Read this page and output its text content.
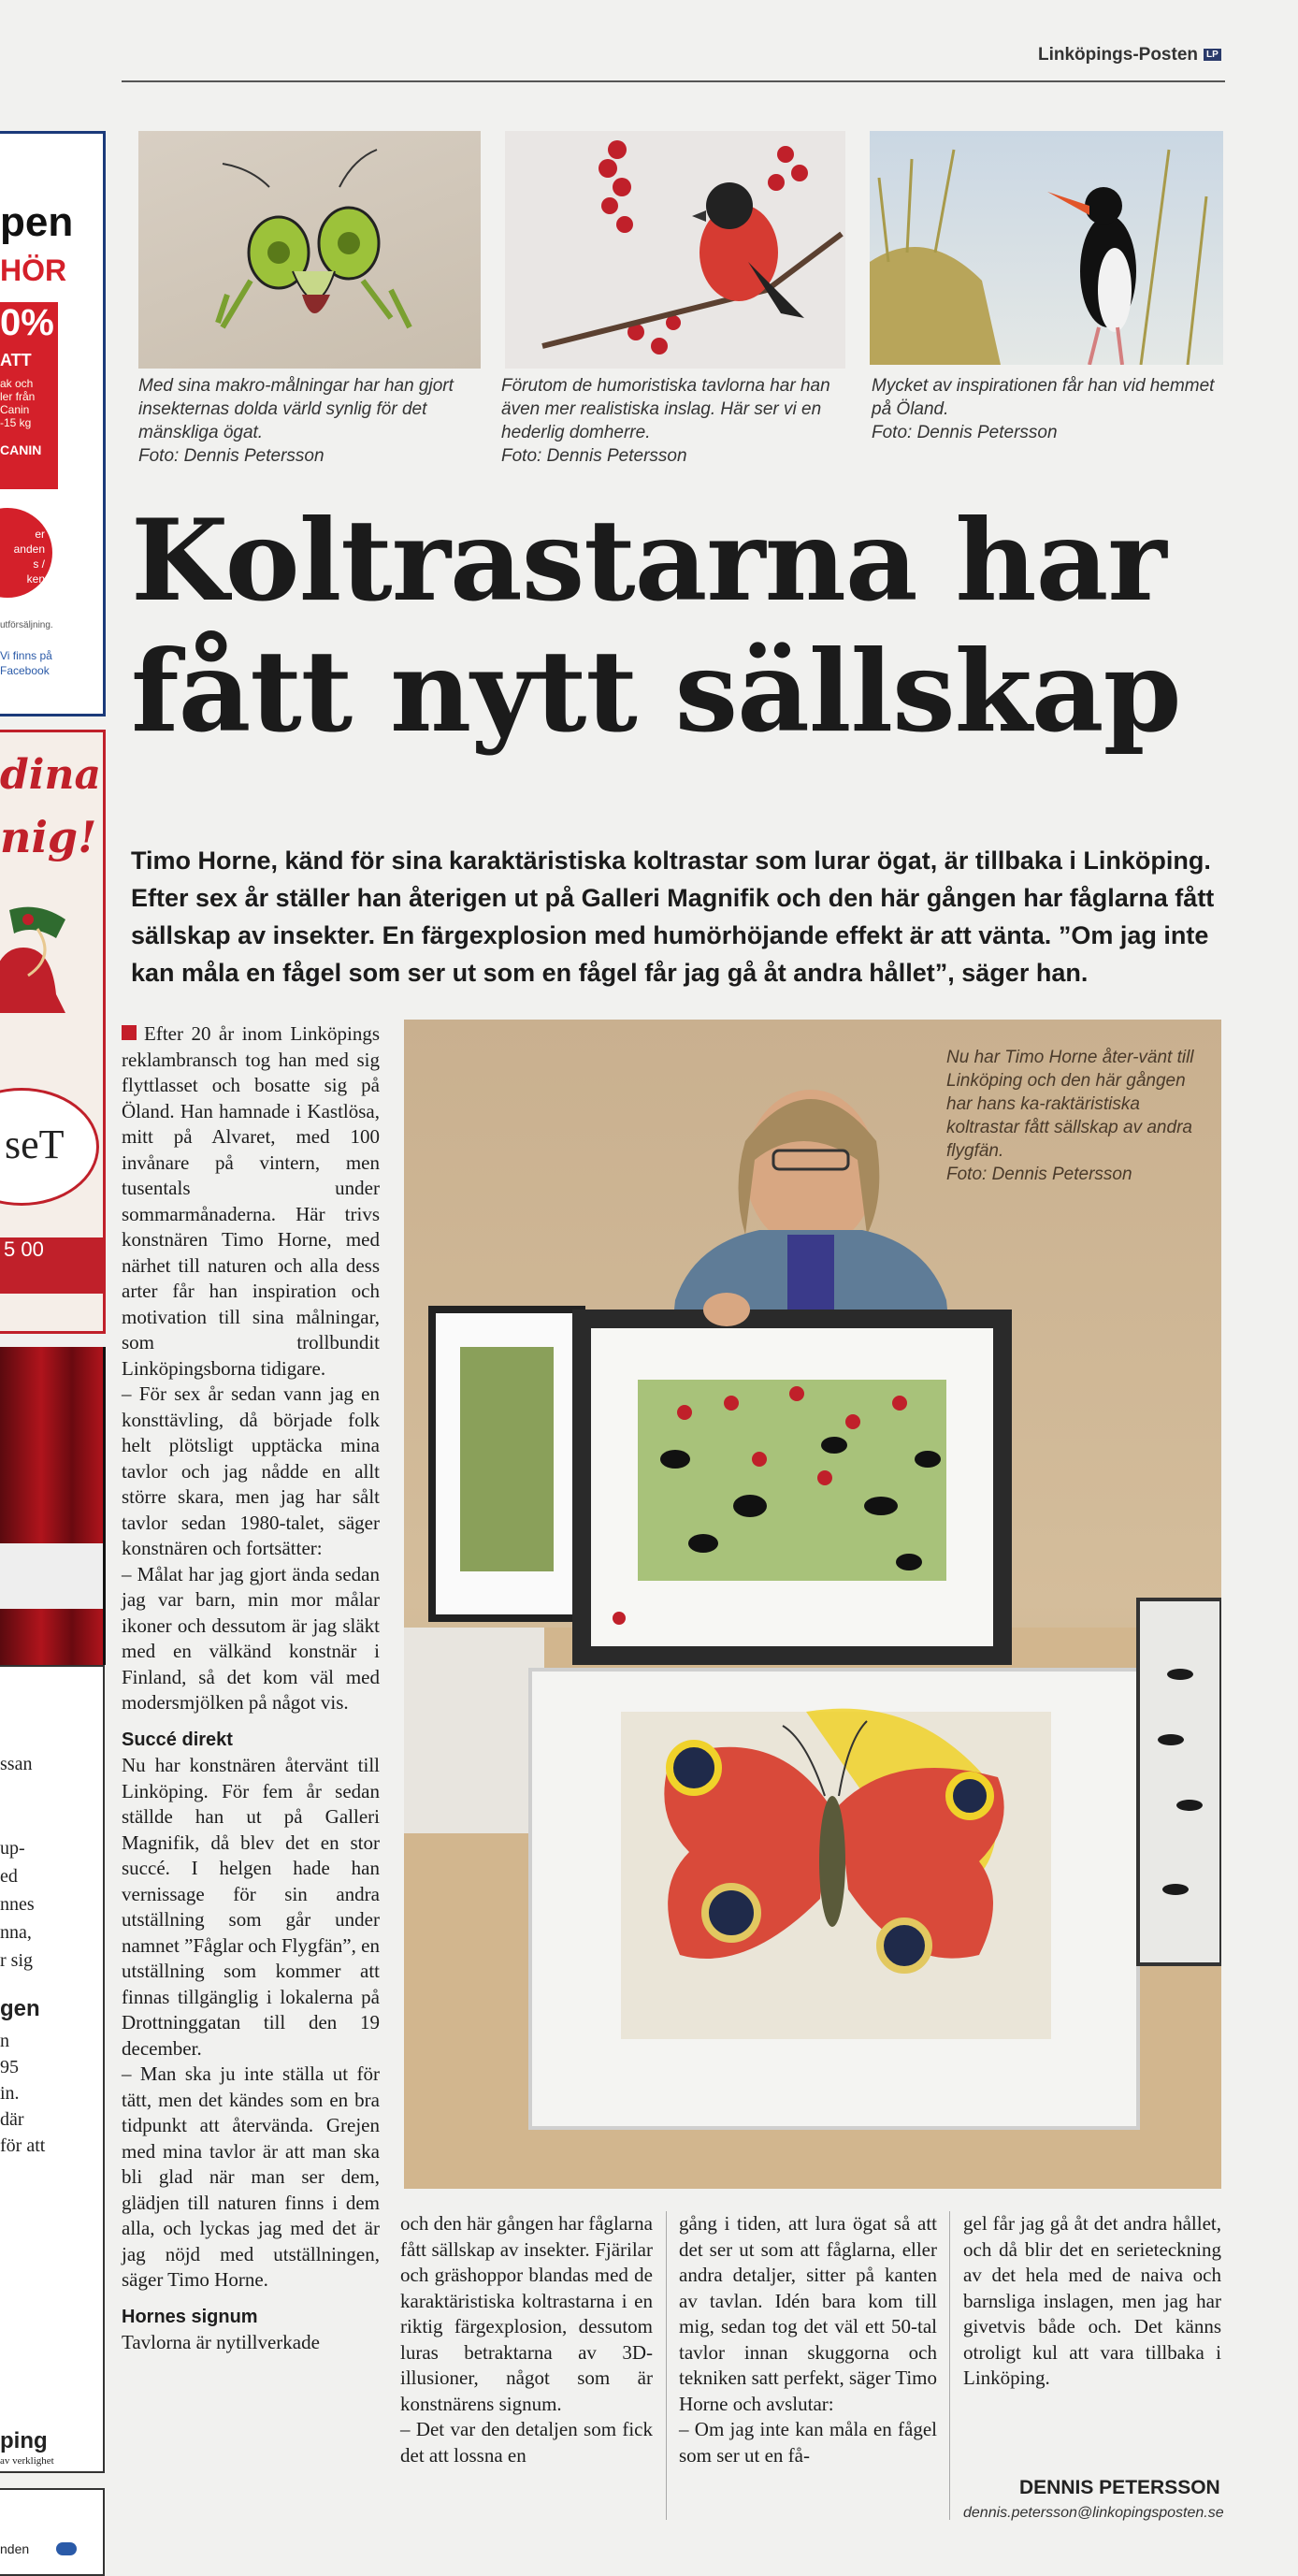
Linköpings-Posten LP
pen
HÖR
0%
ATT
ak och
ler från
Canin
-15 kg
CANIN
er
anden
s /
ken
utförsäljning.
Vi finns på
Facebook
dina
nig!
seT
5 00
ssan
up-
ed
nnes
nna,
r sig
gen
n
95
in.
där
för att
ping
av verklighet
nden
Med sina makro-målningar har han gjort insekternas dolda värld synlig för det mänskliga ögat.
Foto: Dennis Petersson
Förutom de humoristiska tavlorna har han även mer realistiska inslag. Här ser vi en hederlig domherre.
Foto: Dennis Petersson
Mycket av inspirationen får han vid hemmet på Öland.
Foto: Dennis Petersson
Koltrastarna har
fått nytt sällskap
Timo Horne, känd för sina karaktäristiska koltrastar som lurar ögat, är tillbaka i Linköping. Efter sex år ställer han återigen ut på Galleri Magnifik och den här gången har fåglarna fått sällskap av insekter. En färgexplosion med humörhöjande effekt är att vänta. ”Om jag inte kan måla en fågel som ser ut som en fågel får jag gå åt andra hållet”, säger han.
Nu har Timo Horne åter-vänt till Linköping och den här gången har hans ka-raktäristiska koltrastar fått sällskap av andra flygfän.
Foto: Dennis Petersson

Efter 20 år inom Linköpings reklambransch tog han med sig flyttlasset och bosatte sig på Öland. Han hamnade i Kastlösa, mitt på Alvaret, med 100 invånare på vintern, men tusentals under sommarmånaderna. Här trivs konstnären Timo Horne, med närhet till naturen och alla dess arter får han inspiration och motivation till sina målningar, som trollbundit Linköpingsborna tidigare.

– För sex år sedan vann jag en konsttävling, då började folk helt plötsligt upptäcka mina tavlor och jag nådde en allt större skara, men jag har sålt tavlor sedan 1980-talet, säger konstnären och fortsätter:

– Målat har jag gjort ända sedan jag var barn, min mor målar ikoner och dessutom är jag släkt med en välkänd konstnär i Finland, så det kom väl med modersmjölken på något vis.

Succé direkt

Nu har konstnären återvänt till Linköping. För fem år sedan ställde han ut på Galleri Magnifik, då blev det en stor succé. I helgen hade han vernissage för sin andra utställning som går under namnet ”Fåglar och Flygfän”, en utställning som kommer att finnas tillgänglig i lokalerna på Drottninggatan till den 19 december.

– Man ska ju inte ställa ut för tätt, men det kändes som en bra tidpunkt att återvända. Grejen med mina tavlor är att man ska bli glad när man ser dem, glädjen till naturen finns i dem alla, och lyckas jag med det är jag nöjd med utställningen, säger Timo Horne.

Hornes signum

Tavlorna är nytillverkade

och den här gången har fåglarna fått sällskap av insekter. Fjärilar och gräshoppor blandas med de karaktäristiska koltrastarna i en riktig färgexplosion, dessutom luras betraktarna av 3D-illusioner, något som är konstnärens signum.

– Det var den detaljen som fick det att lossna en

gång i tiden, att lura ögat så att det ser ut som att fåglarna, eller andra detaljer, sitter på kanten av tavlan. Idén bara kom till mig, sedan tog det väl ett 50-tal tavlor innan skuggorna och tekniken satt perfekt, säger Timo Horne och avslutar:

– Om jag inte kan måla en fågel som ser ut en få-

gel får jag gå åt det andra hållet, och då blir det en serieteckning av det hela med de naiva och barnsliga inslagen, men jag har givetvis både och. Det känns otroligt kul att vara tillbaka i Linköping.

DENNIS PETERSSON
dennis.petersson@linkopingsposten.se
